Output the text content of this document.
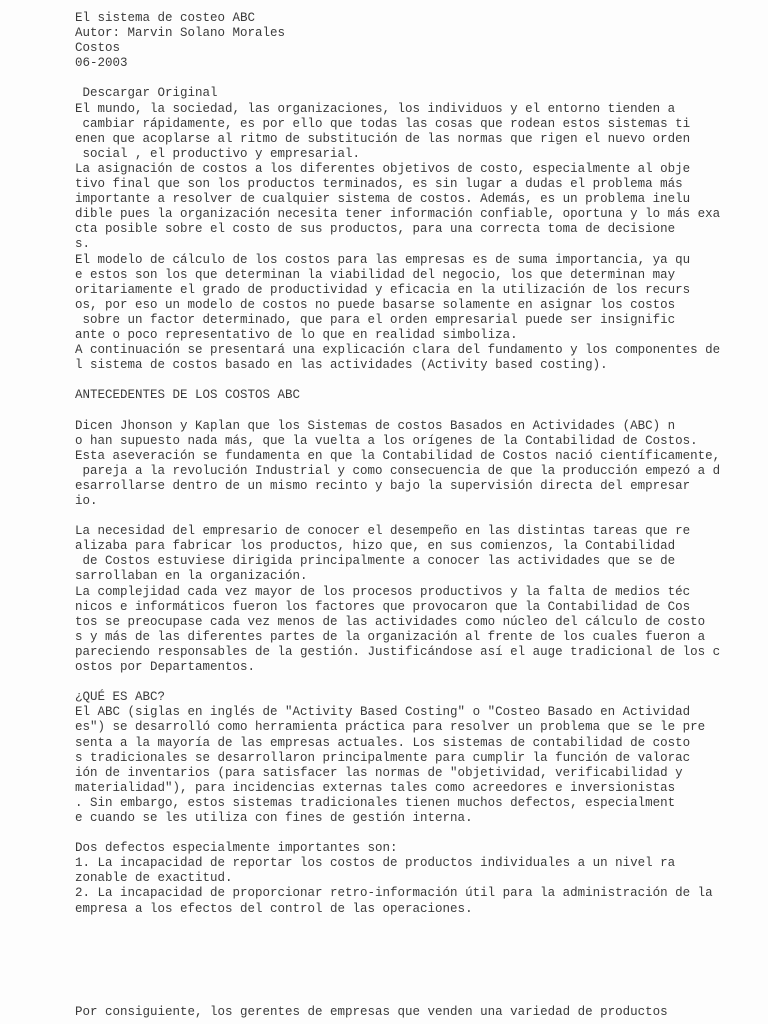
El sistema de costeo ABC
Autor: Marvin Solano Morales
Costos
06-2003
Descargar Original
El mundo, la sociedad, las organizaciones, los individuos y el entorno tienden a
cambiar rápidamente, es por ello que todas las cosas que rodean estos sistemas ti
enen que acoplarse al ritmo de substitución de las normas que rigen el nuevo orden
social , el productivo y empresarial.
La asignación de costos a los diferentes objetivos de costo, especialmente al obje
tivo final que son los productos terminados, es sin lugar a dudas el problema más
importante a resolver de cualquier sistema de costos. Además, es un problema inelu
dible pues la organización necesita tener información confiable, oportuna y lo más exa
cta posible sobre el costo de sus productos, para una correcta toma de decisione
s.
El modelo de cálculo de los costos para las empresas es de suma importancia, ya qu
e estos son los que determinan la viabilidad del negocio, los que determinan may
oritariamente el grado de productividad y eficacia en la utilización de los recurs
os, por eso un modelo de costos no puede basarse solamente en asignar los costos
sobre un factor determinado, que para el orden empresarial puede ser insignific
ante o poco representativo de lo que en realidad simboliza.
A continuación se presentará una explicación clara del fundamento y los componentes de
l sistema de costos basado en las actividades (Activity based costing).
ANTECEDENTES DE LOS COSTOS ABC
Dicen Jhonson y Kaplan que los Sistemas de costos Basados en Actividades (ABC) n
o han supuesto nada más, que la vuelta a los orígenes de la Contabilidad de Costos.
Esta aseveración se fundamenta en que la Contabilidad de Costos nació científicamente,
pareja a la revolución Industrial y como consecuencia de que la producción empezó a d
esarrollarse dentro de un mismo recinto y bajo la supervisión directa del empresar
io.
La necesidad del empresario de conocer el desempeño en las distintas tareas que re
alizaba para fabricar los productos, hizo que, en sus comienzos, la Contabilidad
de Costos estuviese dirigida principalmente a conocer las actividades que se de
sarrollaban en la organización.
La complejidad cada vez mayor de los procesos productivos y la falta de medios téc
nicos e informáticos fueron los factores que provocaron que la Contabilidad de Cos
tos se preocupase cada vez menos de las actividades como núcleo del cálculo de costo
s y más de las diferentes partes de la organización al frente de los cuales fueron a
pareciendo responsables de la gestión. Justificándose así el auge tradicional de los c
ostos por Departamentos.
¿QUÉ ES ABC?
El ABC (siglas en inglés de "Activity Based Costing" o "Costeo Basado en Actividad
es") se desarrolló como herramienta práctica para resolver un problema que se le pre
senta a la mayoría de las empresas actuales. Los sistemas de contabilidad de costo
s tradicionales se desarrollaron principalmente para cumplir la función de valorac
ión de inventarios (para satisfacer las normas de "objetividad, verificabilidad y
materialidad"), para incidencias externas tales como acreedores e inversionistas
. Sin embargo, estos sistemas tradicionales tienen muchos defectos, especialment
e cuando se les utiliza con fines de gestión interna.
Dos defectos especialmente importantes son:
1. La incapacidad de reportar los costos de productos individuales a un nivel ra
zonable de exactitud.
2. La incapacidad de proporcionar retro-información útil para la administración de la
empresa a los efectos del control de las operaciones.
Por consiguiente, los gerentes de empresas que venden una variedad de productos
